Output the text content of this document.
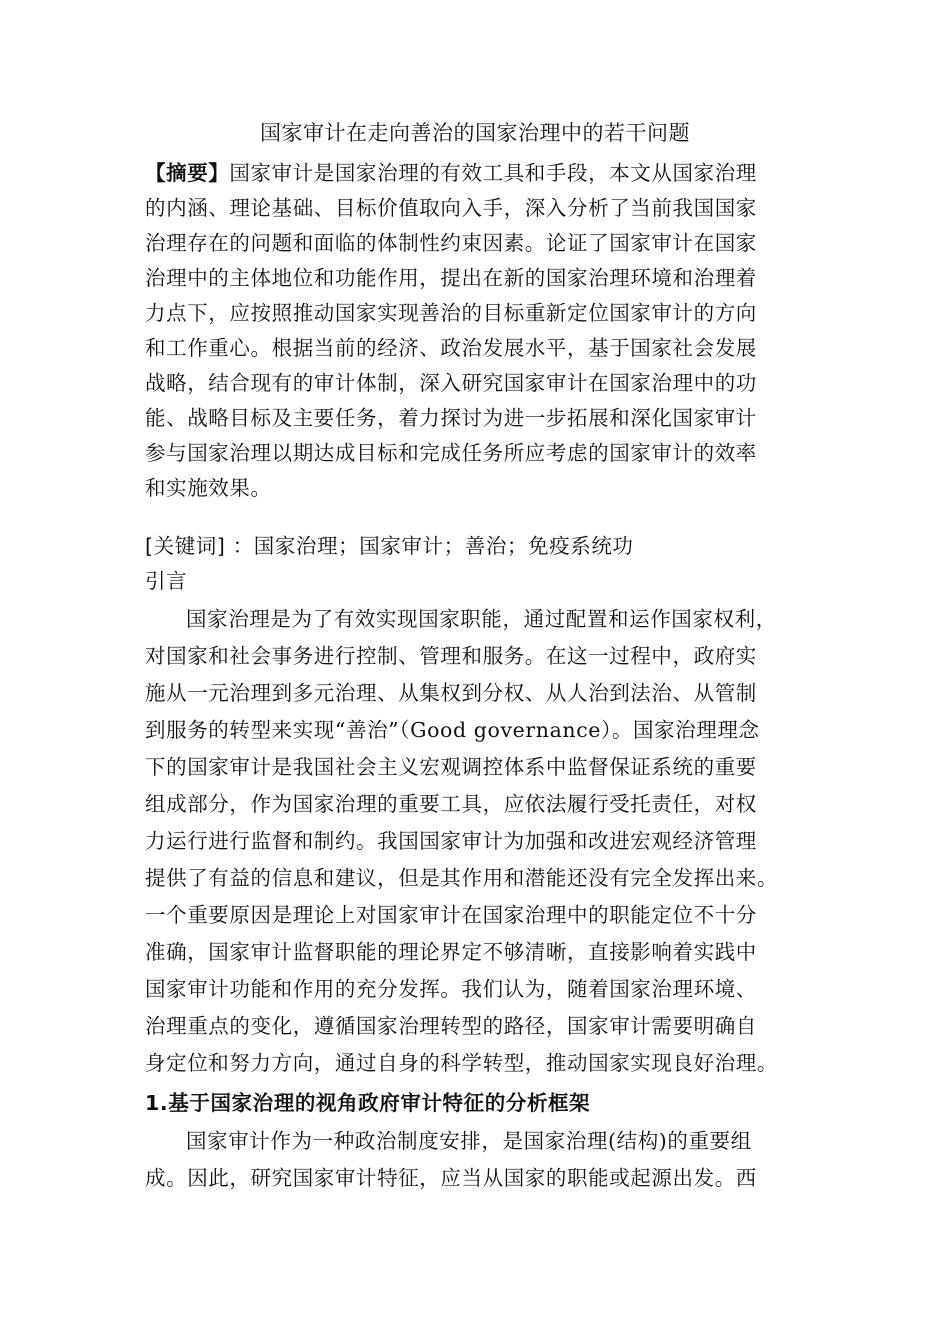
国家审计在走向善治的国家治理中的若干问题
【摘要】国家审计是国家治理的有效工具和手段，本文从国家治理
的内涵、理论基础、目标价值取向入手，深入分析了当前我国国家
治理存在的问题和面临的体制性约束因素。论证了国家审计在国家
治理中的主体地位和功能作用，提出在新的国家治理环境和治理着
力点下，应按照推动国家实现善治的目标重新定位国家审计的方向
和工作重心。根据当前的经济、政治发展水平，基于国家社会发展
战略，结合现有的审计体制，深入研究国家审计在国家治理中的功
能、战略目标及主要任务，着力探讨为进一步拓展和深化国家审计
参与国家治理以期达成目标和完成任务所应考虑的国家审计的效率
和实施效果。
[关键词] ：国家治理；国家审计；善治；免疫系统功
引言
国家治理是为了有效实现国家职能，通过配置和运作国家权利，
对国家和社会事务进行控制、管理和服务。在这一过程中，政府实
施从一元治理到多元治理、从集权到分权、从人治到法治、从管制
到服务的转型来实现“善治”（Good governance）。国家治理理念
下的国家审计是我国社会主义宏观调控体系中监督保证系统的重要
组成部分，作为国家治理的重要工具，应依法履行受托责任，对权
力运行进行监督和制约。我国国家审计为加强和改进宏观经济管理
提供了有益的信息和建议，但是其作用和潜能还没有完全发挥出来。
一个重要原因是理论上对国家审计在国家治理中的职能定位不十分
准确，国家审计监督职能的理论界定不够清晰，直接影响着实践中
国家审计功能和作用的充分发挥。我们认为，随着国家治理环境、
治理重点的变化，遵循国家治理转型的路径，国家审计需要明确自
身定位和努力方向，通过自身的科学转型，推动国家实现良好治理。
1.基于国家治理的视角政府审计特征的分析框架
国家审计作为一种政治制度安排，是国家治理(结构)的重要组
成。因此，研究国家审计特征，应当从国家的职能或起源出发。西
